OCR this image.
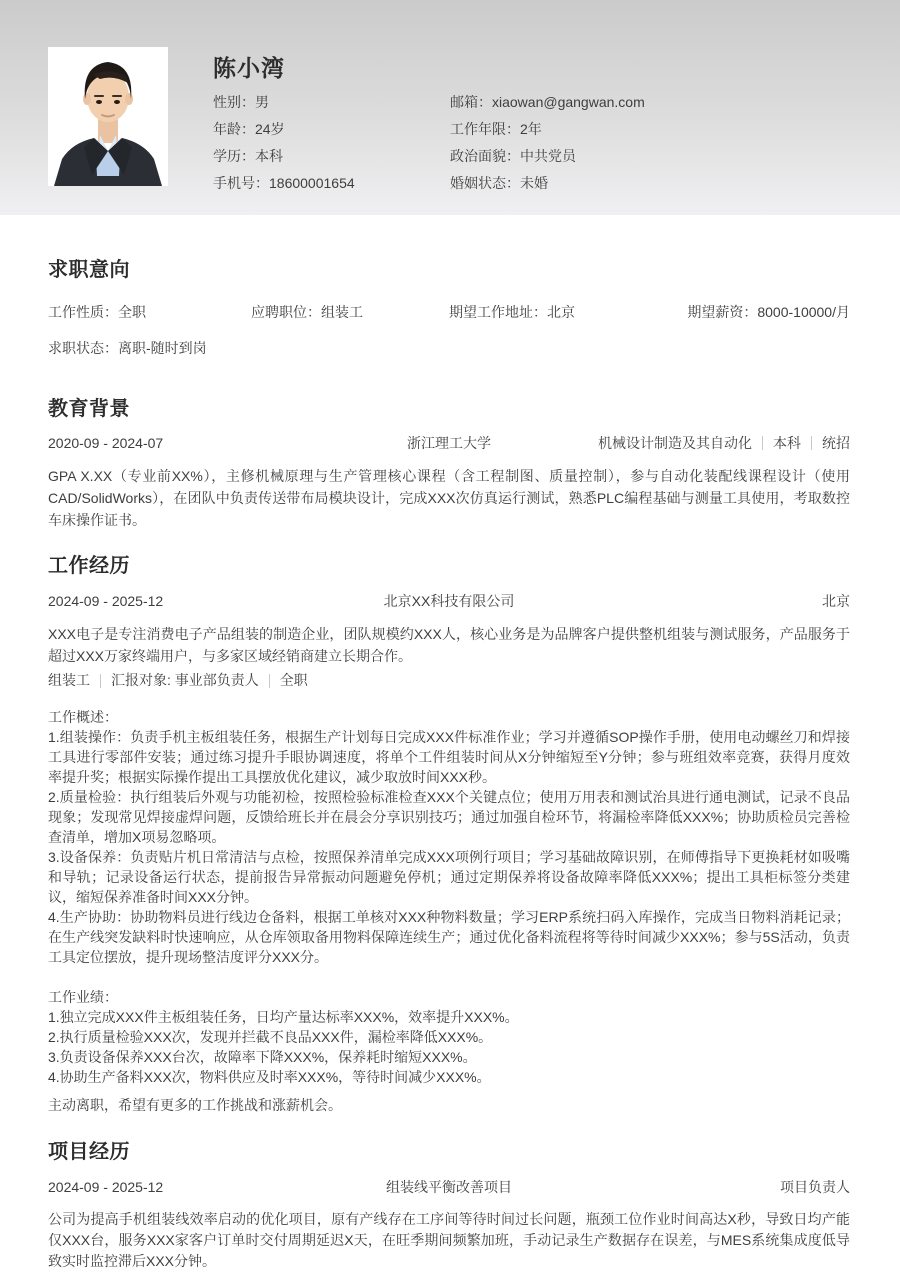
陈小湾
性别：男
年龄：24岁
学历：本科
手机号：18600001654
邮箱：xiaowan@gangwan.com
工作年限：2年
政治面貌：中共党员
婚姻状态：未婚
求职意向
工作性质：全职	应聘职位：组装工	期望工作地址：北京	期望薪资：8000-10000/月
求职状态：离职-随时到岗
教育背景
2020-09 - 2024-07	浙江理工大学	机械设计制造及其自动化 本科 统招
GPA X.XX（专业前XX%），主修机械原理与生产管理核心课程（含工程制图、质量控制），参与自动化装配线课程设计（使用CAD/SolidWorks），在团队中负责传送带布局模块设计，完成XXX次仿真运行测试，熟悉PLC编程基础与测量工具使用，考取数控车床操作证书。
工作经历
2024-09 - 2025-12	北京XX科技有限公司	北京
XXX电子是专注消费电子产品组装的制造企业，团队规模约XXX人，核心业务是为品牌客户提供整机组装与测试服务，产品服务于超过XXX万家终端用户，与多家区域经销商建立长期合作。
组装工 汇报对象: 事业部负责人 全职
工作概述：
1.组装操作：负责手机主板组装任务，根据生产计划每日完成XXX件标准作业；学习并遵循SOP操作手册，使用电动螺丝刀和焊接工具进行零部件安装；通过练习提升手眼协调速度，将单个工件组装时间从X分钟缩短至Y分钟；参与班组效率竞赛，获得月度效率提升奖；根据实际操作提出工具摆放优化建议，减少取放时间XXX秒。
2.质量检验：执行组装后外观与功能初检，按照检验标准检查XXX个关键点位；使用万用表和测试治具进行通电测试，记录不良品现象；发现常见焊接虚焊问题，反馈给班长并在晨会分享识别技巧；通过加强自检环节，将漏检率降低XXX%；协助质检员完善检查清单，增加X项易忽略项。
3.设备保养：负责贴片机日常清洁与点检，按照保养清单完成XXX项例行项目；学习基础故障识别，在师傅指导下更换耗材如吸嘴和导轨；记录设备运行状态，提前报告异常振动问题避免停机；通过定期保养将设备故障率降低XXX%；提出工具柜标签分类建议，缩短保养准备时间XXX分钟。
4.生产协助：协助物料员进行线边仓备料，根据工单核对XXX种物料数量；学习ERP系统扫码入库操作，完成当日物料消耗记录；在生产线突发缺料时快速响应，从仓库领取备用物料保障连续生产；通过优化备料流程将等待时间减少XXX%；参与5S活动，负责工具定位摆放，提升现场整洁度评分XXX分。
工作业绩：
1.独立完成XXX件主板组装任务，日均产量达标率XXX%，效率提升XXX%。
2.执行质量检验XXX次，发现并拦截不良品XXX件，漏检率降低XXX%。
3.负责设备保养XXX台次，故障率下降XXX%，保养耗时缩短XXX%。
4.协助生产备料XXX次，物料供应及时率XXX%，等待时间减少XXX%。
主动离职，希望有更多的工作挑战和涨薪机会。
项目经历
2024-09 - 2025-12	组装线平衡改善项目	项目负责人
公司为提高手机组装线效率启动的优化项目，原有产线存在工序间等待时间过长问题，瓶颈工位作业时间高达X秒，导致日均产能仅XXX台，服务XXX家客户订单时交付周期延迟X天，在旺季期间频繁加班，手动记录生产数据存在误差，与MES系统集成度低导致实时监控滞后XXX分钟。
